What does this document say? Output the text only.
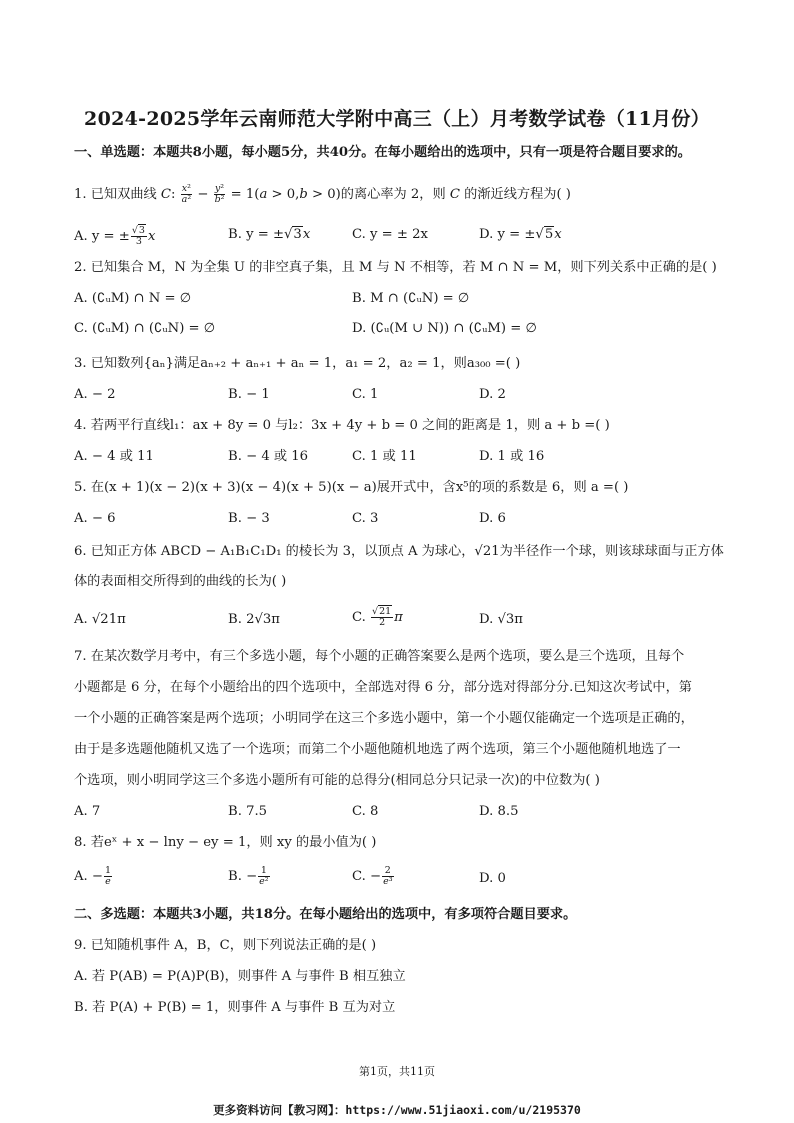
2024-2025学年云南师范大学附中高三（上）月考数学试卷（11月份）
一、单选题：本题共8小题，每小题5分，共40分。在每小题给出的选项中，只有一项是符合题目要求的。
1. 已知双曲线 C: $\frac{\text{x²}}{\text{a²}} - \frac{\text{y²}}{\text{b²}} = 1(a > 0,b > 0)$的离心率为 2，则 C 的渐近线方程为( )
A. y = ± $\frac{√3}{3}$ x	B. y = ±√3x	C. y = ± 2x	D. y = ±√5x
2. 已知集合 M，N 为全集 U 的非空真子集，且 M 与 N 不相等，若 M ∩ N = M，则下列关系中正确的是( )
A. (∁ᵤM) ∩ N = ∅	B. M ∩ (∁ᵤN) = ∅
C. (∁ᵤM) ∩ (∁ᵤN) = ∅	D. (∁ᵤ(M ∪ N)) ∩ (∁ᵤM) = ∅
3. 已知数列{aₙ}满足aₙ₊₂ + aₙ₊₁ + aₙ = 1，a₁ = 2，a₂ = 1，则a₃₀₀ =( )
A. − 2	B. − 1	C. 1	D. 2
4. 若两平行直线l₁：ax + 8y = 0 与l₂：3x + 4y + b = 0 之间的距离是 1，则 a + b =( )
A. − 4 或 11	B. − 4 或 16	C. 1 或 11	D. 1 或 16
5. 在(x + 1)(x − 2)(x + 3)(x − 4)(x + 5)(x − a)展开式中，含x⁵的项的系数是 6，则 a =( )
A. − 6	B. − 3	C. 3	D. 6
6. 已知正方体 ABCD − A₁B₁C₁D₁ 的棱长为 3，以顶点 A 为球心，√21为半径作一个球，则该球球面与正方体
体的表面相交所得到的曲线的长为( )
A. √21π	B. 2√3π	C. $\frac{√21}{2}$ π	D. √3π
7. 在某次数学月考中，有三个多选小题，每个小题的正确答案要么是两个选项，要么是三个选项，且每个
小题都是 6 分，在每个小题给出的四个选项中，全部选对得 6 分，部分选对得部分分.已知这次考试中，第
一个小题的正确答案是两个选项；小明同学在这三个多选小题中，第一个小题仅能确定一个选项是正确的，
由于是多选题他随机又选了一个选项；而第二个小题他随机地选了两个选项，第三个小题他随机地选了一
个选项，则小明同学这三个多选小题所有可能的总得分(相同总分只记录一次)的中位数为( )
A. 7	B. 7.5	C. 8	D. 8.5
8. 若eˣ + x − lny − ey = 1，则 xy 的最小值为( )
A. − $\frac{1}{e}$	B. − $\frac{1}{\text{e²}}$	C. − $\frac{2}{\text{e³}}$	D. 0
二、多选题：本题共3小题，共18分。在每小题给出的选项中，有多项符合题目要求。
9. 已知随机事件 A，B，C，则下列说法正确的是( )
A. 若 P(AB) = P(A)P(B)，则事件 A 与事件 B 相互独立
B. 若 P(A) + P(B) = 1，则事件 A 与事件 B 互为对立
第1页，共11页
更多资料访问【教习网】：https://www.51jiaoxi.com/u/2195370
